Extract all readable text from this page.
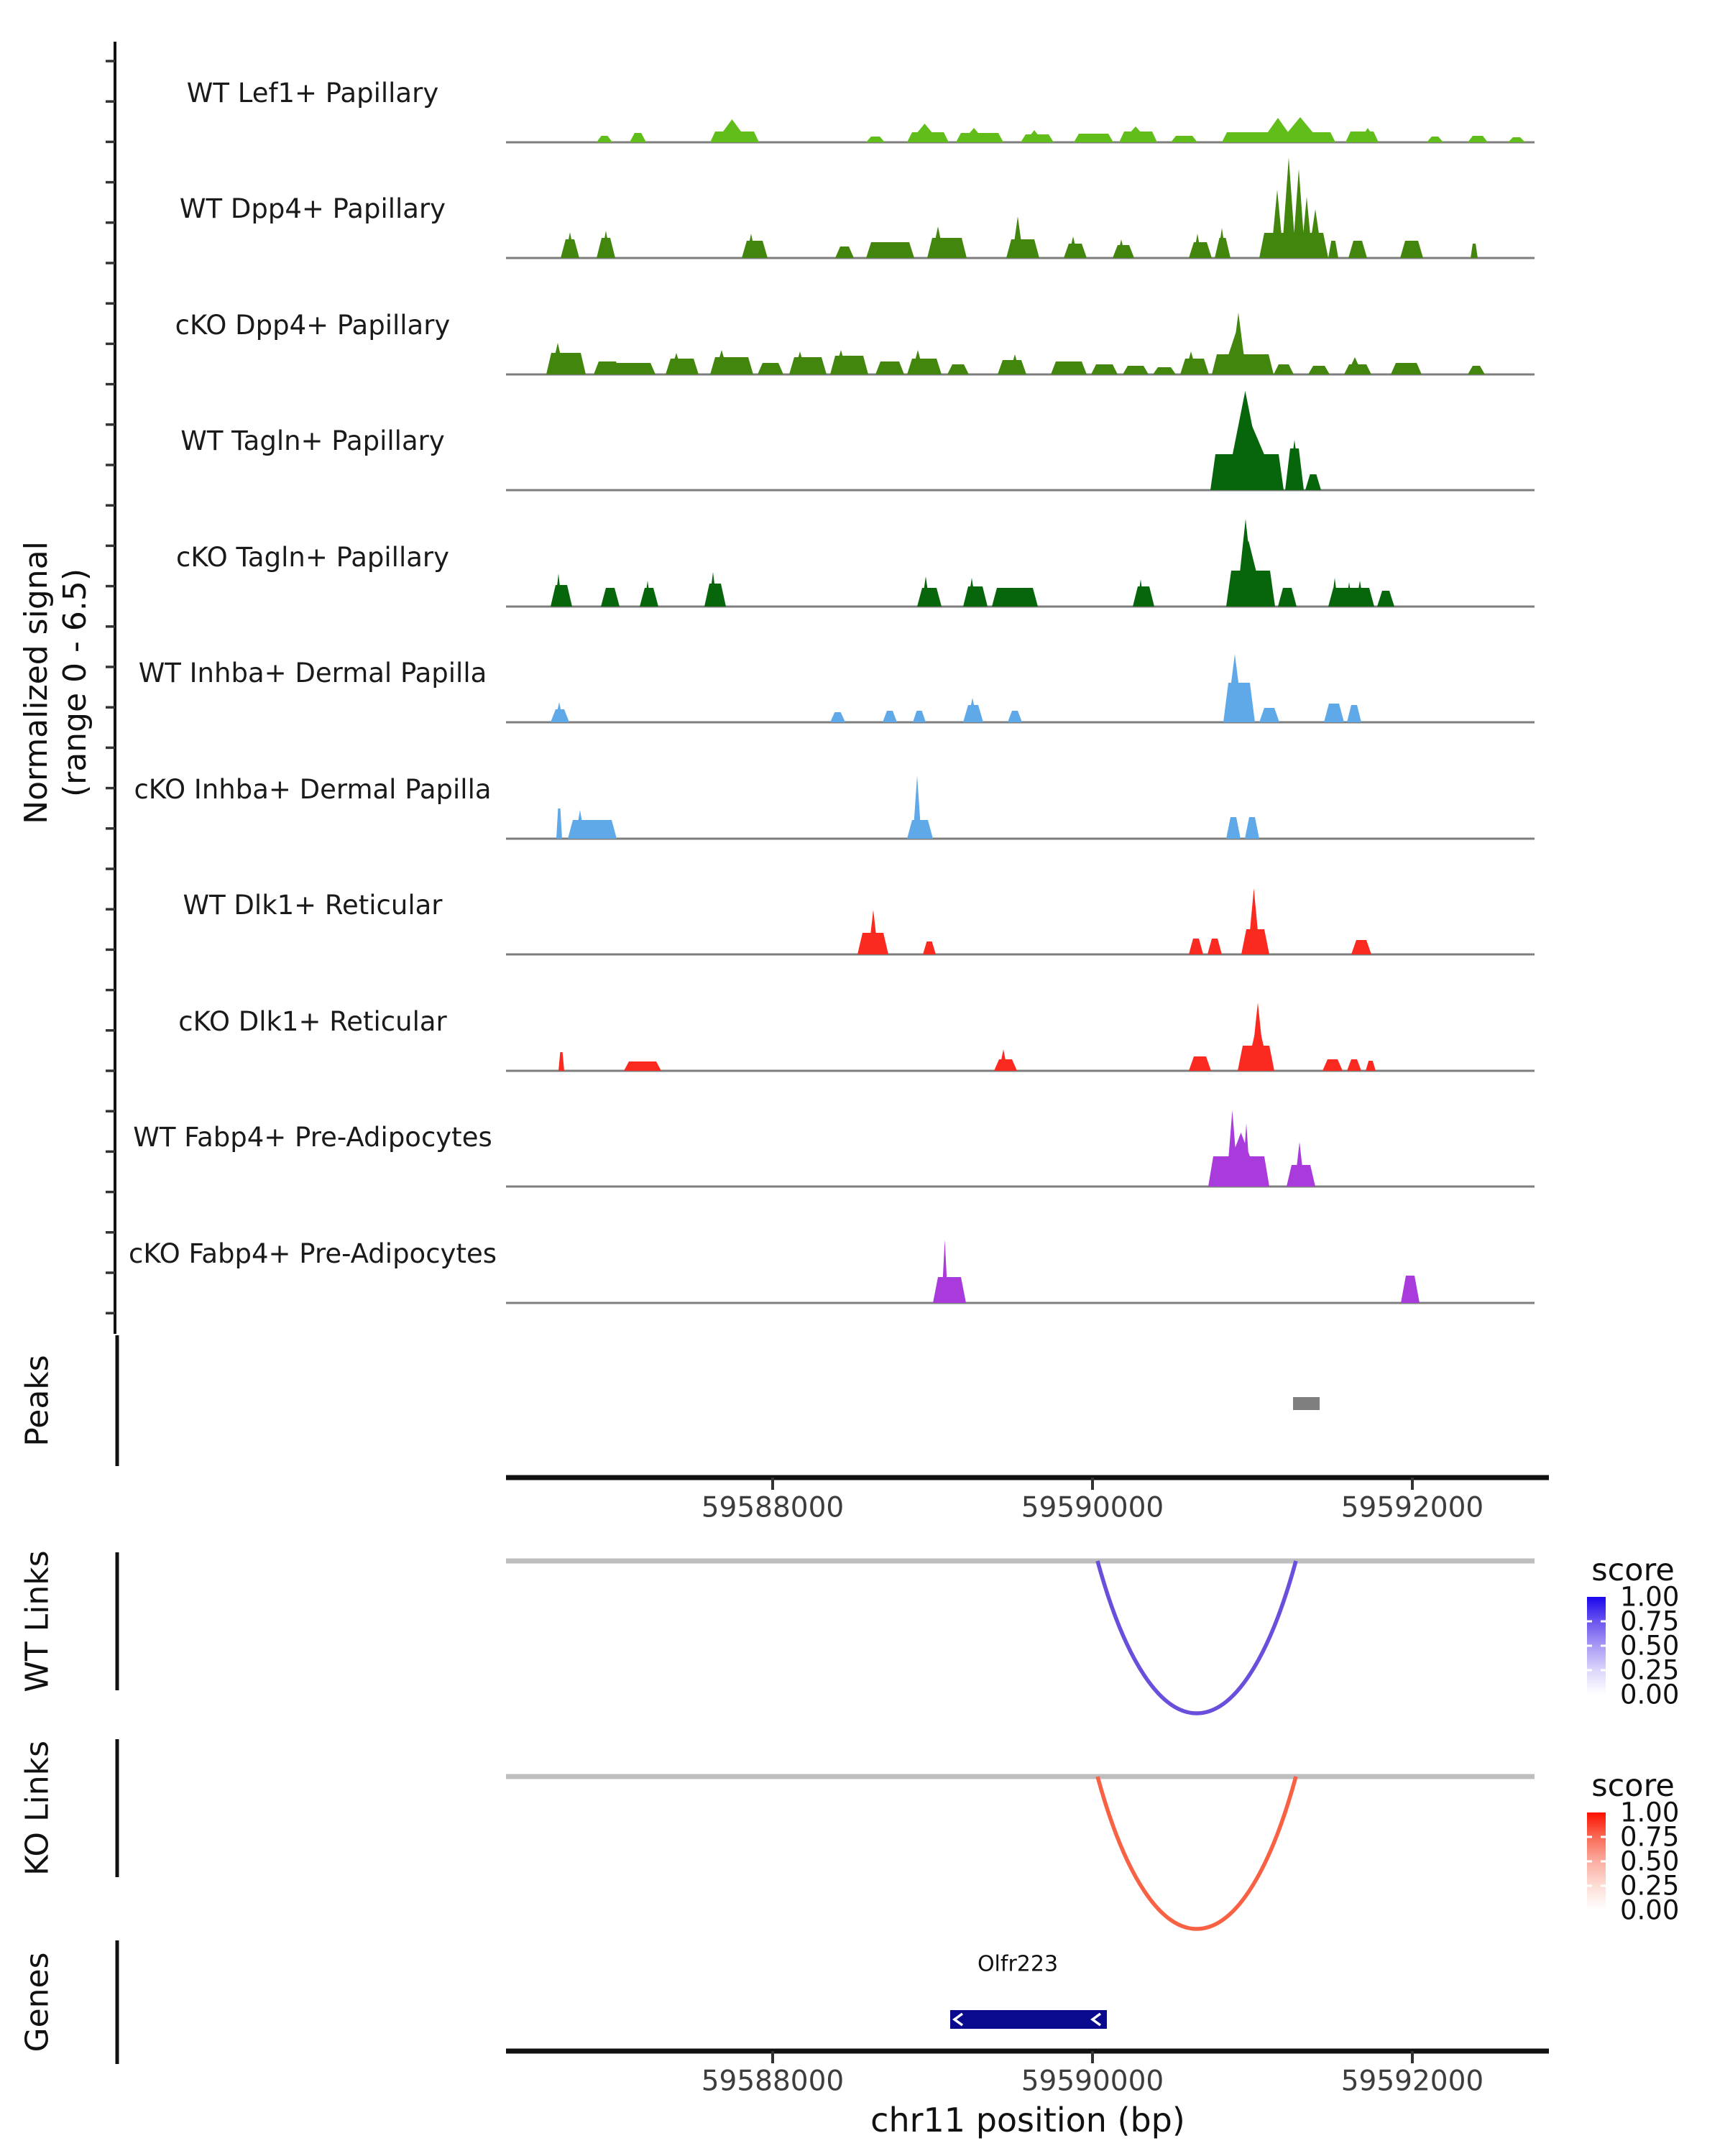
Normalized signal (range 0 - 6.5)
Peaks
WT Links
KO Links
Genes
score
score
chr11 position (bp)
WT Lef1+ Papillary
WT Dpp4+ Papillary
cKO Dpp4+ Papillary
WT Tagln+ Papillary
cKO Tagln+ Papillary
WT Inhba+ Dermal Papilla
cKO Inhba+ Dermal Papilla
WT Dlk1+ Reticular
cKO Dlk1+ Reticular
WT Fabp4+ Pre-Adipocytes
cKO Fabp4+ Pre-Adipocytes
59588000	59590000	59592000
59588000	59590000	59592000
1.00
0.75
0.50
0.25
0.00
1.00
0.75
0.50
0.25
0.00
Olfr223
